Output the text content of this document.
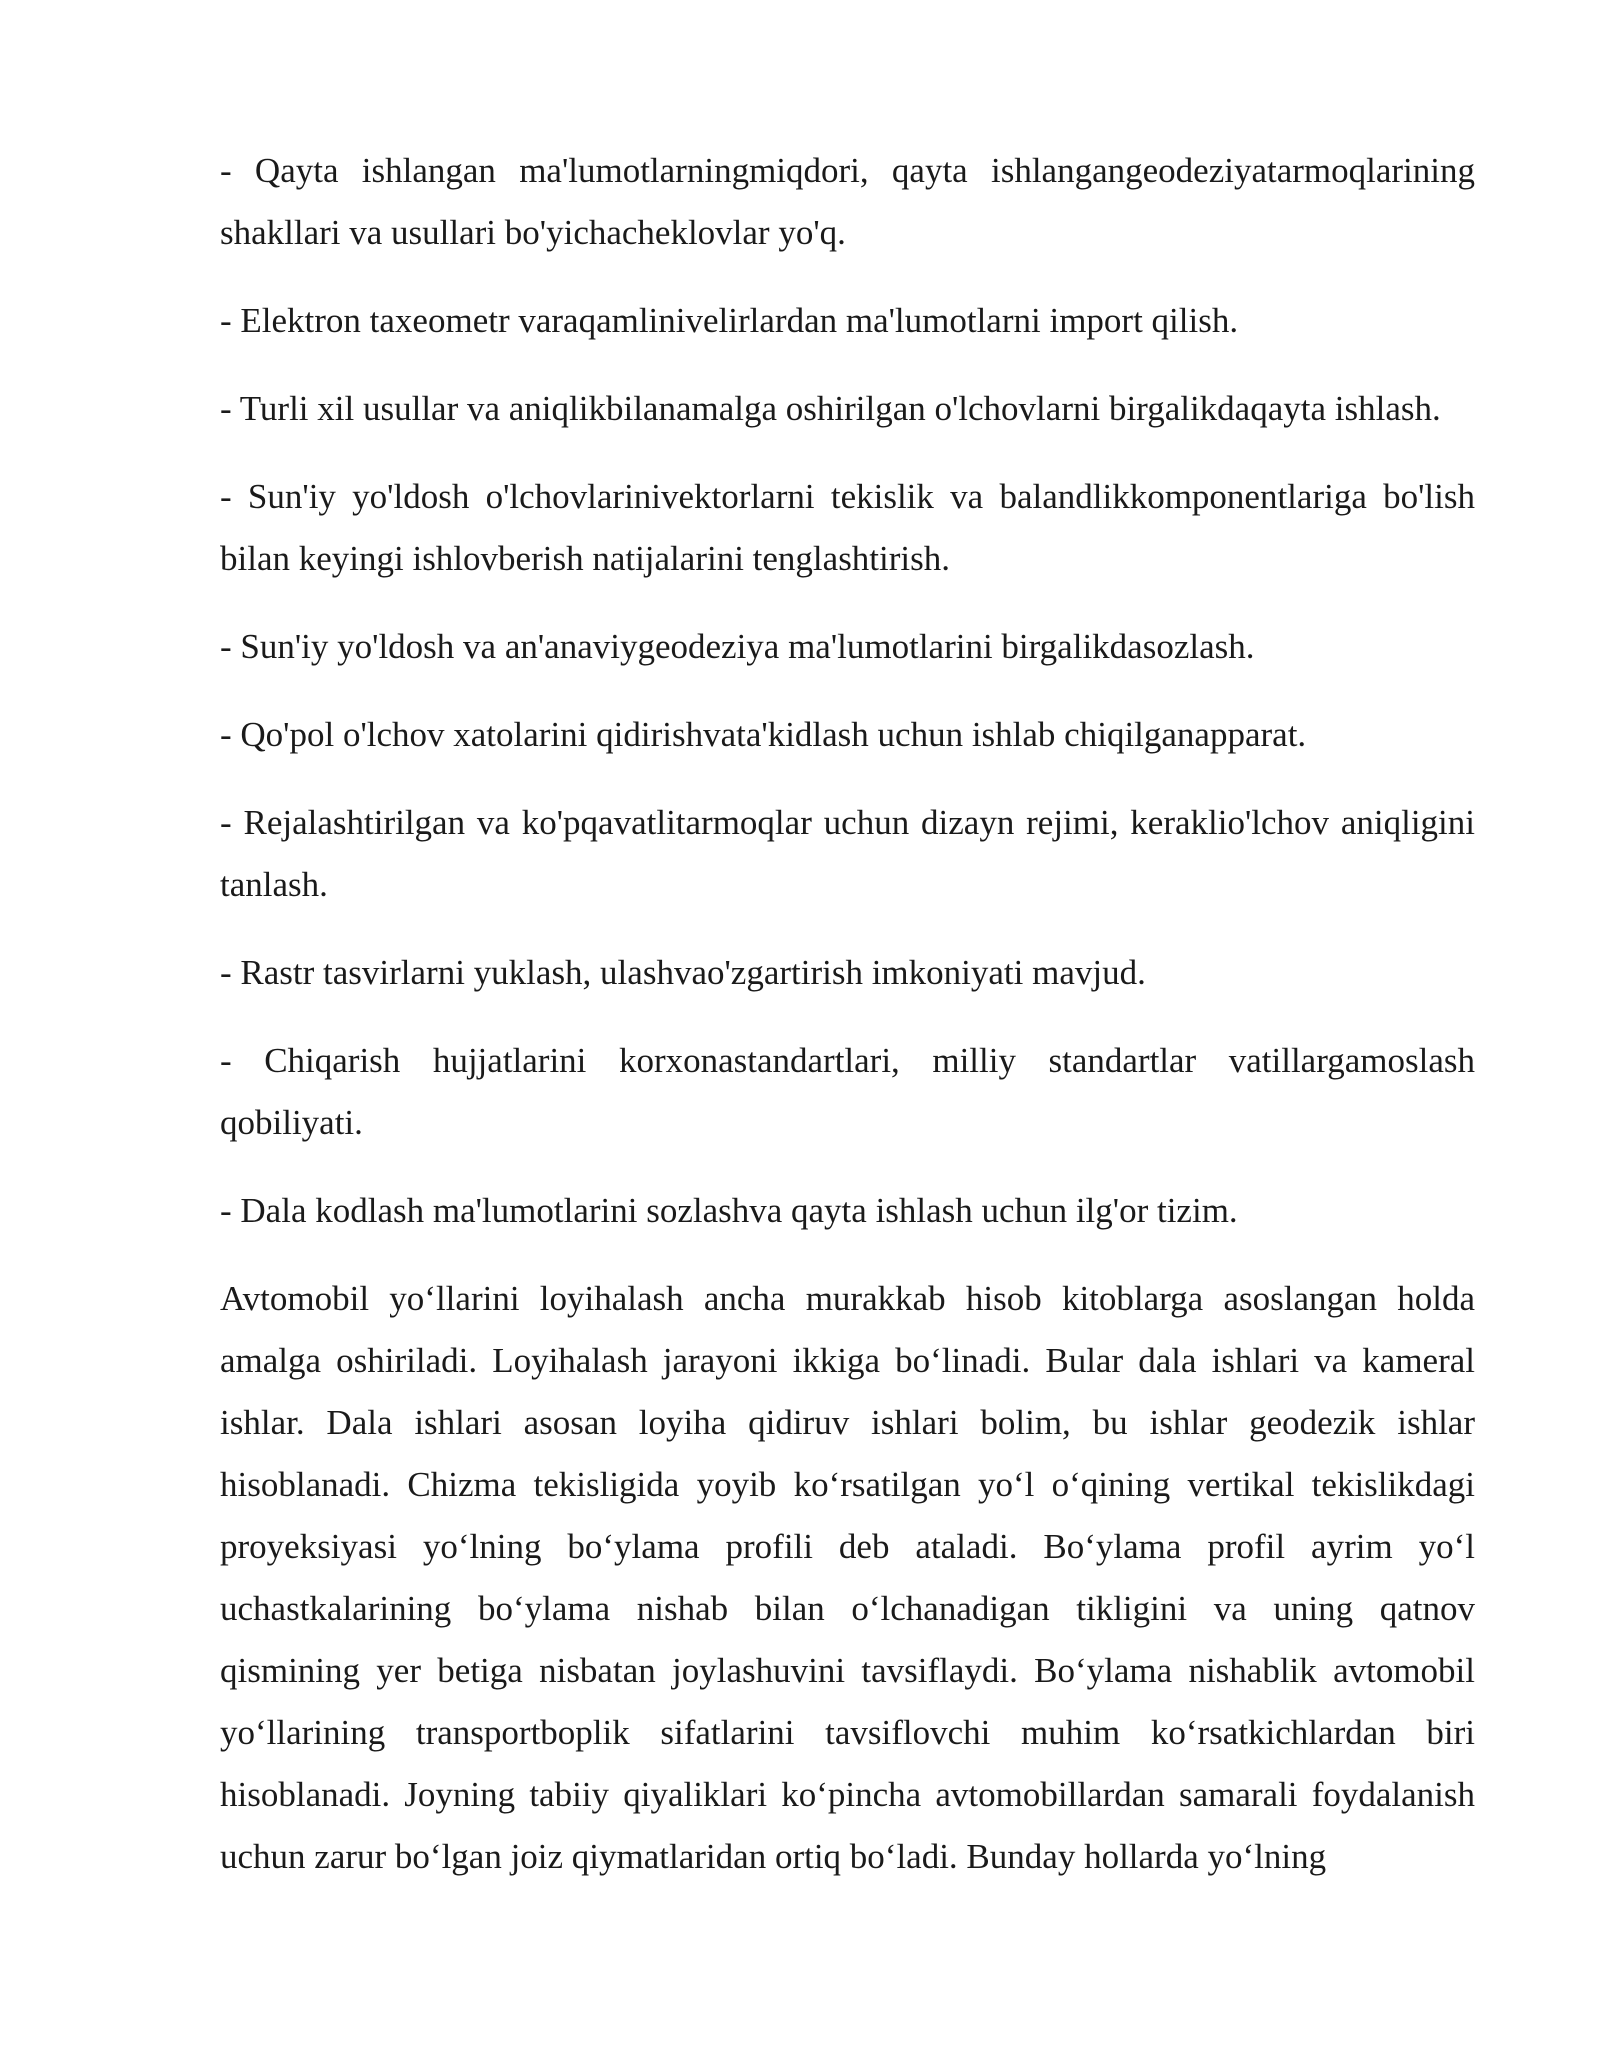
- Qayta ishlangan ma'lumotlarningmiqdori, qayta ishlangangeodeziyatarmoqlarining shakllari va usullari bo'yichacheklovlar yo'q.

- Elektron taxeometr varaqamlinivelirlardan ma'lumotlarni import qilish.

- Turli xil usullar va aniqlikbilanamalga oshirilgan o'lchovlarni birgalikdaqayta ishlash.

- Sun'iy yo'ldosh o'lchovlarinivektorlarni tekislik va balandlikkomponentlariga bo'lish bilan keyingi ishlovberish natijalarini tenglashtirish.

- Sun'iy yo'ldosh va an'anaviygeodeziya ma'lumotlarini birgalikdasozlash.

- Qo'pol o'lchov xatolarini qidirishvata'kidlash uchun ishlab chiqilganapparat.

- Rejalashtirilgan va ko'pqavatlitarmoqlar uchun dizayn rejimi, keraklio'lchov aniqligini tanlash.

- Rastr tasvirlarni yuklash, ulashvao'zgartirish imkoniyati mavjud.

- Chiqarish hujjatlarini korxonastandartlari, milliy standartlar vatillargamoslash qobiliyati.

- Dala kodlash ma'lumotlarini sozlashva qayta ishlash uchun ilg'or tizim.

Avtomobil yo‘llarini loyihalash ancha murakkab hisob kitoblarga asoslangan holda amalga oshiriladi. Loyihalash jarayoni ikkiga bo‘linadi. Bular dala ishlari va kameral ishlar. Dala ishlari asosan loyiha qidiruv ishlari bolim, bu ishlar geodezik ishlar hisoblanadi. Chizma tekisligida yoyib ko‘rsatilgan yo‘l o‘qining vertikal tekislikdagi proyeksiyasi yo‘lning bo‘ylama profili deb ataladi. Bo‘ylama profil ayrim yo‘l uchastkalarining bo‘ylama nishab bilan o‘lchanadigan tikligini va uning qatnov qismining yer betiga nisbatan joylashuvini tavsiflaydi. Bo‘ylama nishablik avtomobil yo‘llarining transportboplik sifatlarini tavsiflovchi muhim ko‘rsatkichlardan biri hisoblanadi. Joyning tabiiy qiyaliklari ko‘pincha avtomobillardan samarali foydalanish uchun zarur bo‘lgan joiz qiymatlaridan ortiq bo‘ladi. Bunday hollarda yo‘lning
